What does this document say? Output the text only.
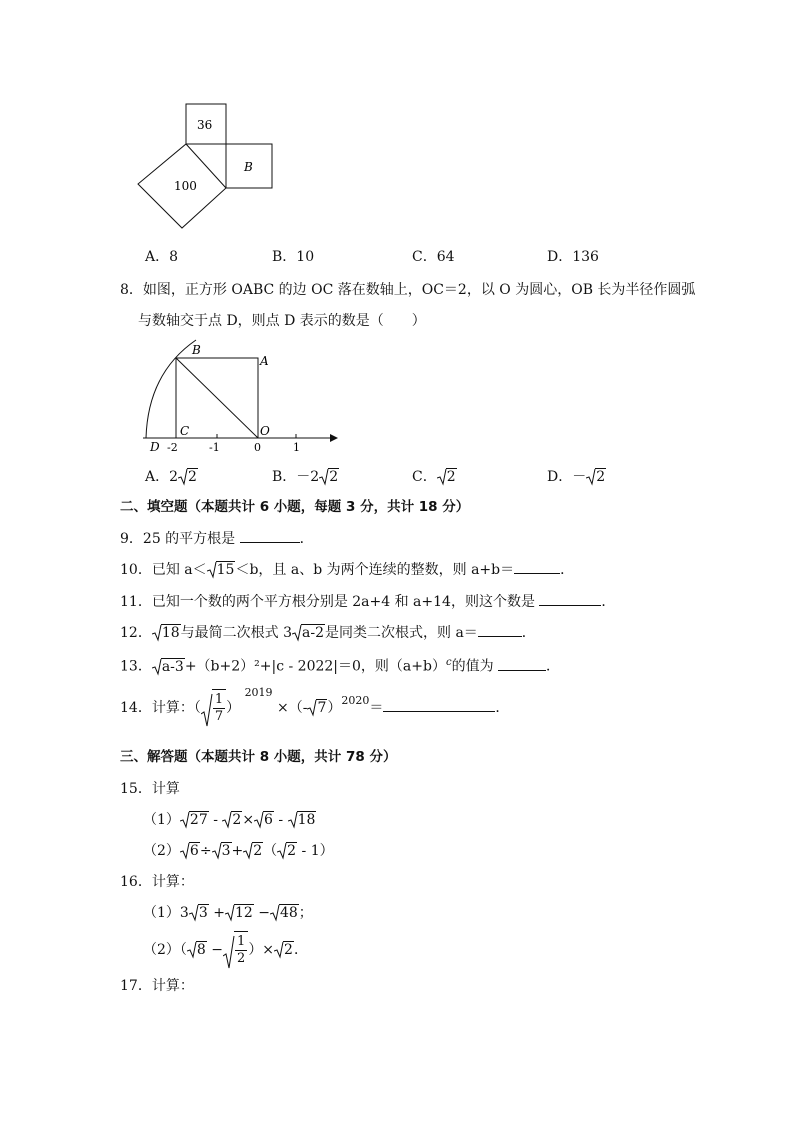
36
100
B
A．8	B．10	C．64	D．136
8．如图，正方形 OABC 的边 OC 落在数轴上，OC＝2，以 O 为圆心，OB 长为半径作圆弧
与数轴交于点 D，则点 D 表示的数是（　　）
B
A
C	O
D -2	-1	0	1
A．2 2	B．－2 2	C． 2	D．－ 2
二、填空题（本题共计 6 小题，每题 3 分，共计 18 分）
9．25 的平方根是	．
10．已知 a＜ 15＜b，且 a、b 为两个连续的整数，则 a+b＝	．
11．已知一个数的两个平方根分别是 2a+4 和 a+14，则这个数是	．
12． 18与最简二次根式 3 a-2是同类二次根式，则 a＝	．
13． a-3+（b+2）²+|c - 2022|＝0，则$(a+b)^c$的值为	．
14．计算：（ $\frac{1}{7}$ ） $^{2019}$ ×（- 7）$^{2020}$＝	．
三、解答题（本题共计 8 小题，共计 78 分）
15．计算
（1） 27 -
2× 6 -
18
（2） 6÷ 3+ 2（ 2 - 1）
16．计算：
（1）3 3 + 12 − 48；
（2）（ $8 - \frac{1}{2}$ ）× 2．
17．计算：
